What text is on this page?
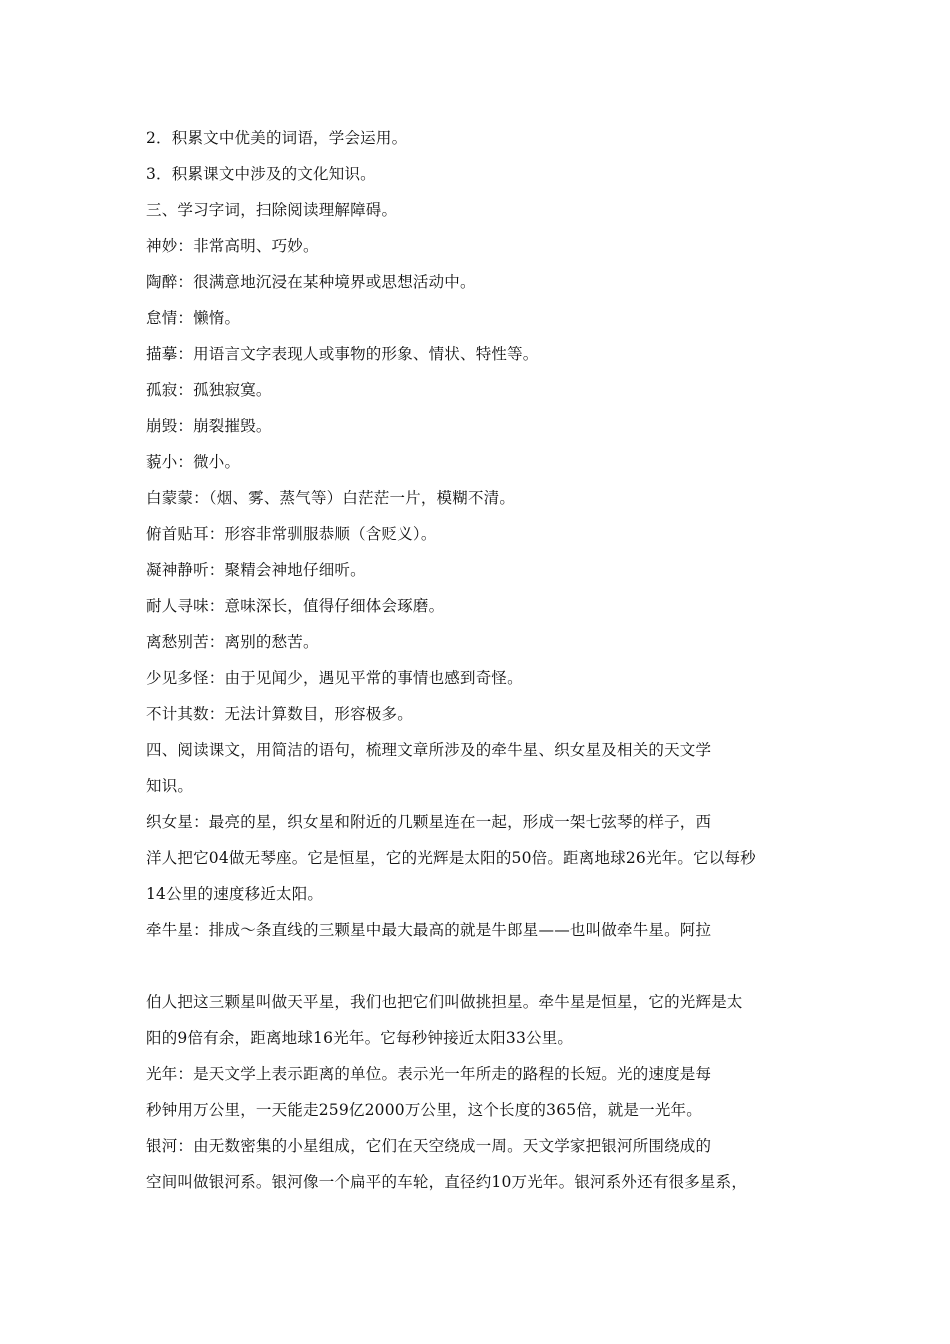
2．积累文中优美的词语，学会运用。
3．积累课文中涉及的文化知识。
三、学习字词，扫除阅读理解障碍。
神妙：非常高明、巧妙。
陶醉：很满意地沉浸在某种境界或思想活动中。
怠情：懒惰。
描摹：用语言文字表现人或事物的形象、情状、特性等。
孤寂：孤独寂寞。
崩毁：崩裂摧毁。
藐小：微小。
白蒙蒙：（烟、雾、蒸气等）白茫茫一片，模糊不清。
俯首贴耳：形容非常驯服恭顺（含贬义）。
凝神静听：聚精会神地仔细听。
耐人寻味：意味深长，值得仔细体会琢磨。
离愁别苦：离别的愁苦。
少见多怪：由于见闻少，遇见平常的事情也感到奇怪。
不计其数：无法计算数目，形容极多。
四、阅读课文，用简洁的语句，梳理文章所涉及的牵牛星、织女星及相关的天文学
知识。
织女星：最亮的星，织女星和附近的几颗星连在一起，形成一架七弦琴的样子，西
洋人把它04做无琴座。它是恒星，它的光辉是太阳的50倍。距离地球26光年。它以每秒
14公里的速度移近太阳。
牵牛星：排成～条直线的三颗星中最大最高的就是牛郎星——也叫做牵牛星。阿拉
伯人把这三颗星叫做天平星，我们也把它们叫做挑担星。牵牛星是恒星，它的光辉是太
阳的9倍有余，距离地球16光年。它每秒钟接近太阳33公里。
光年：是天文学上表示距离的单位。表示光一年所走的路程的长短。光的速度是每
秒钟用万公里，一天能走259亿2000万公里，这个长度的365倍，就是一光年。
银河：由无数密集的小星组成，它们在天空绕成一周。天文学家把银河所围绕成的
空间叫做银河系。银河像一个扁平的车轮，直径约10万光年。银河系外还有很多星系，
